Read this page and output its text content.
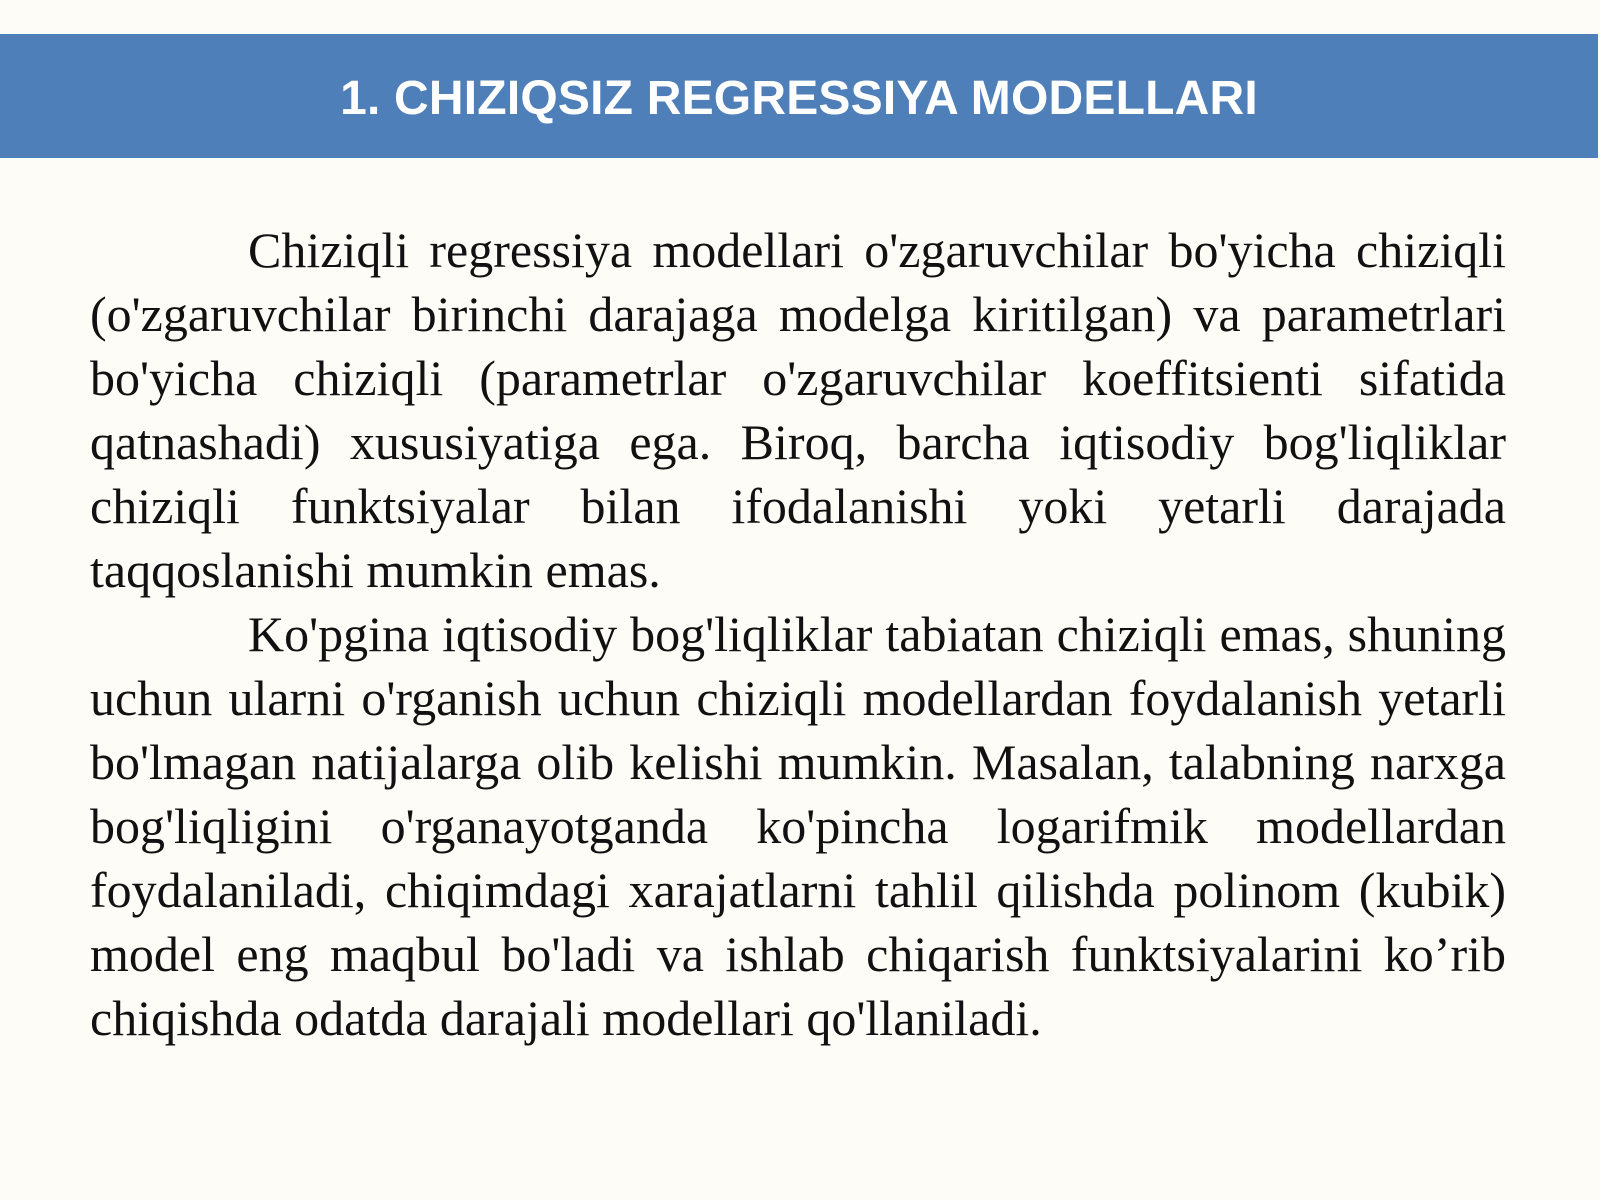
1. CHIZIQSIZ REGRESSIYA MODELLARI

Chiziqli regressiya modellari o'zgaruvchilar bo'yicha chiziqli (o'zgaruvchilar birinchi darajaga modelga kiritilgan) va parametrlari bo'yicha chiziqli (parametrlar o'zgaruvchilar koeffitsienti sifatida qatnashadi) xususiyatiga ega. Biroq, barcha iqtisodiy bog'liqliklar chiziqli funktsiyalar bilan ifodalanishi yoki yetarli darajada taqqoslanishi mumkin emas.

Ko'pgina iqtisodiy bog'liqliklar tabiatan chiziqli emas, shuning uchun ularni o'rganish uchun chiziqli modellardan foydalanish yetarli bo'lmagan natijalarga olib kelishi mumkin. Masalan, talabning narxga bog'liqligini o'rganayotganda ko'pincha logarifmik modellardan foydalaniladi, chiqimdagi xarajatlarni tahlil qilishda polinom (kubik) model eng maqbul bo'ladi va ishlab chiqarish funktsiyalarini ko’rib chiqishda odatda darajali modellari qo'llaniladi.
